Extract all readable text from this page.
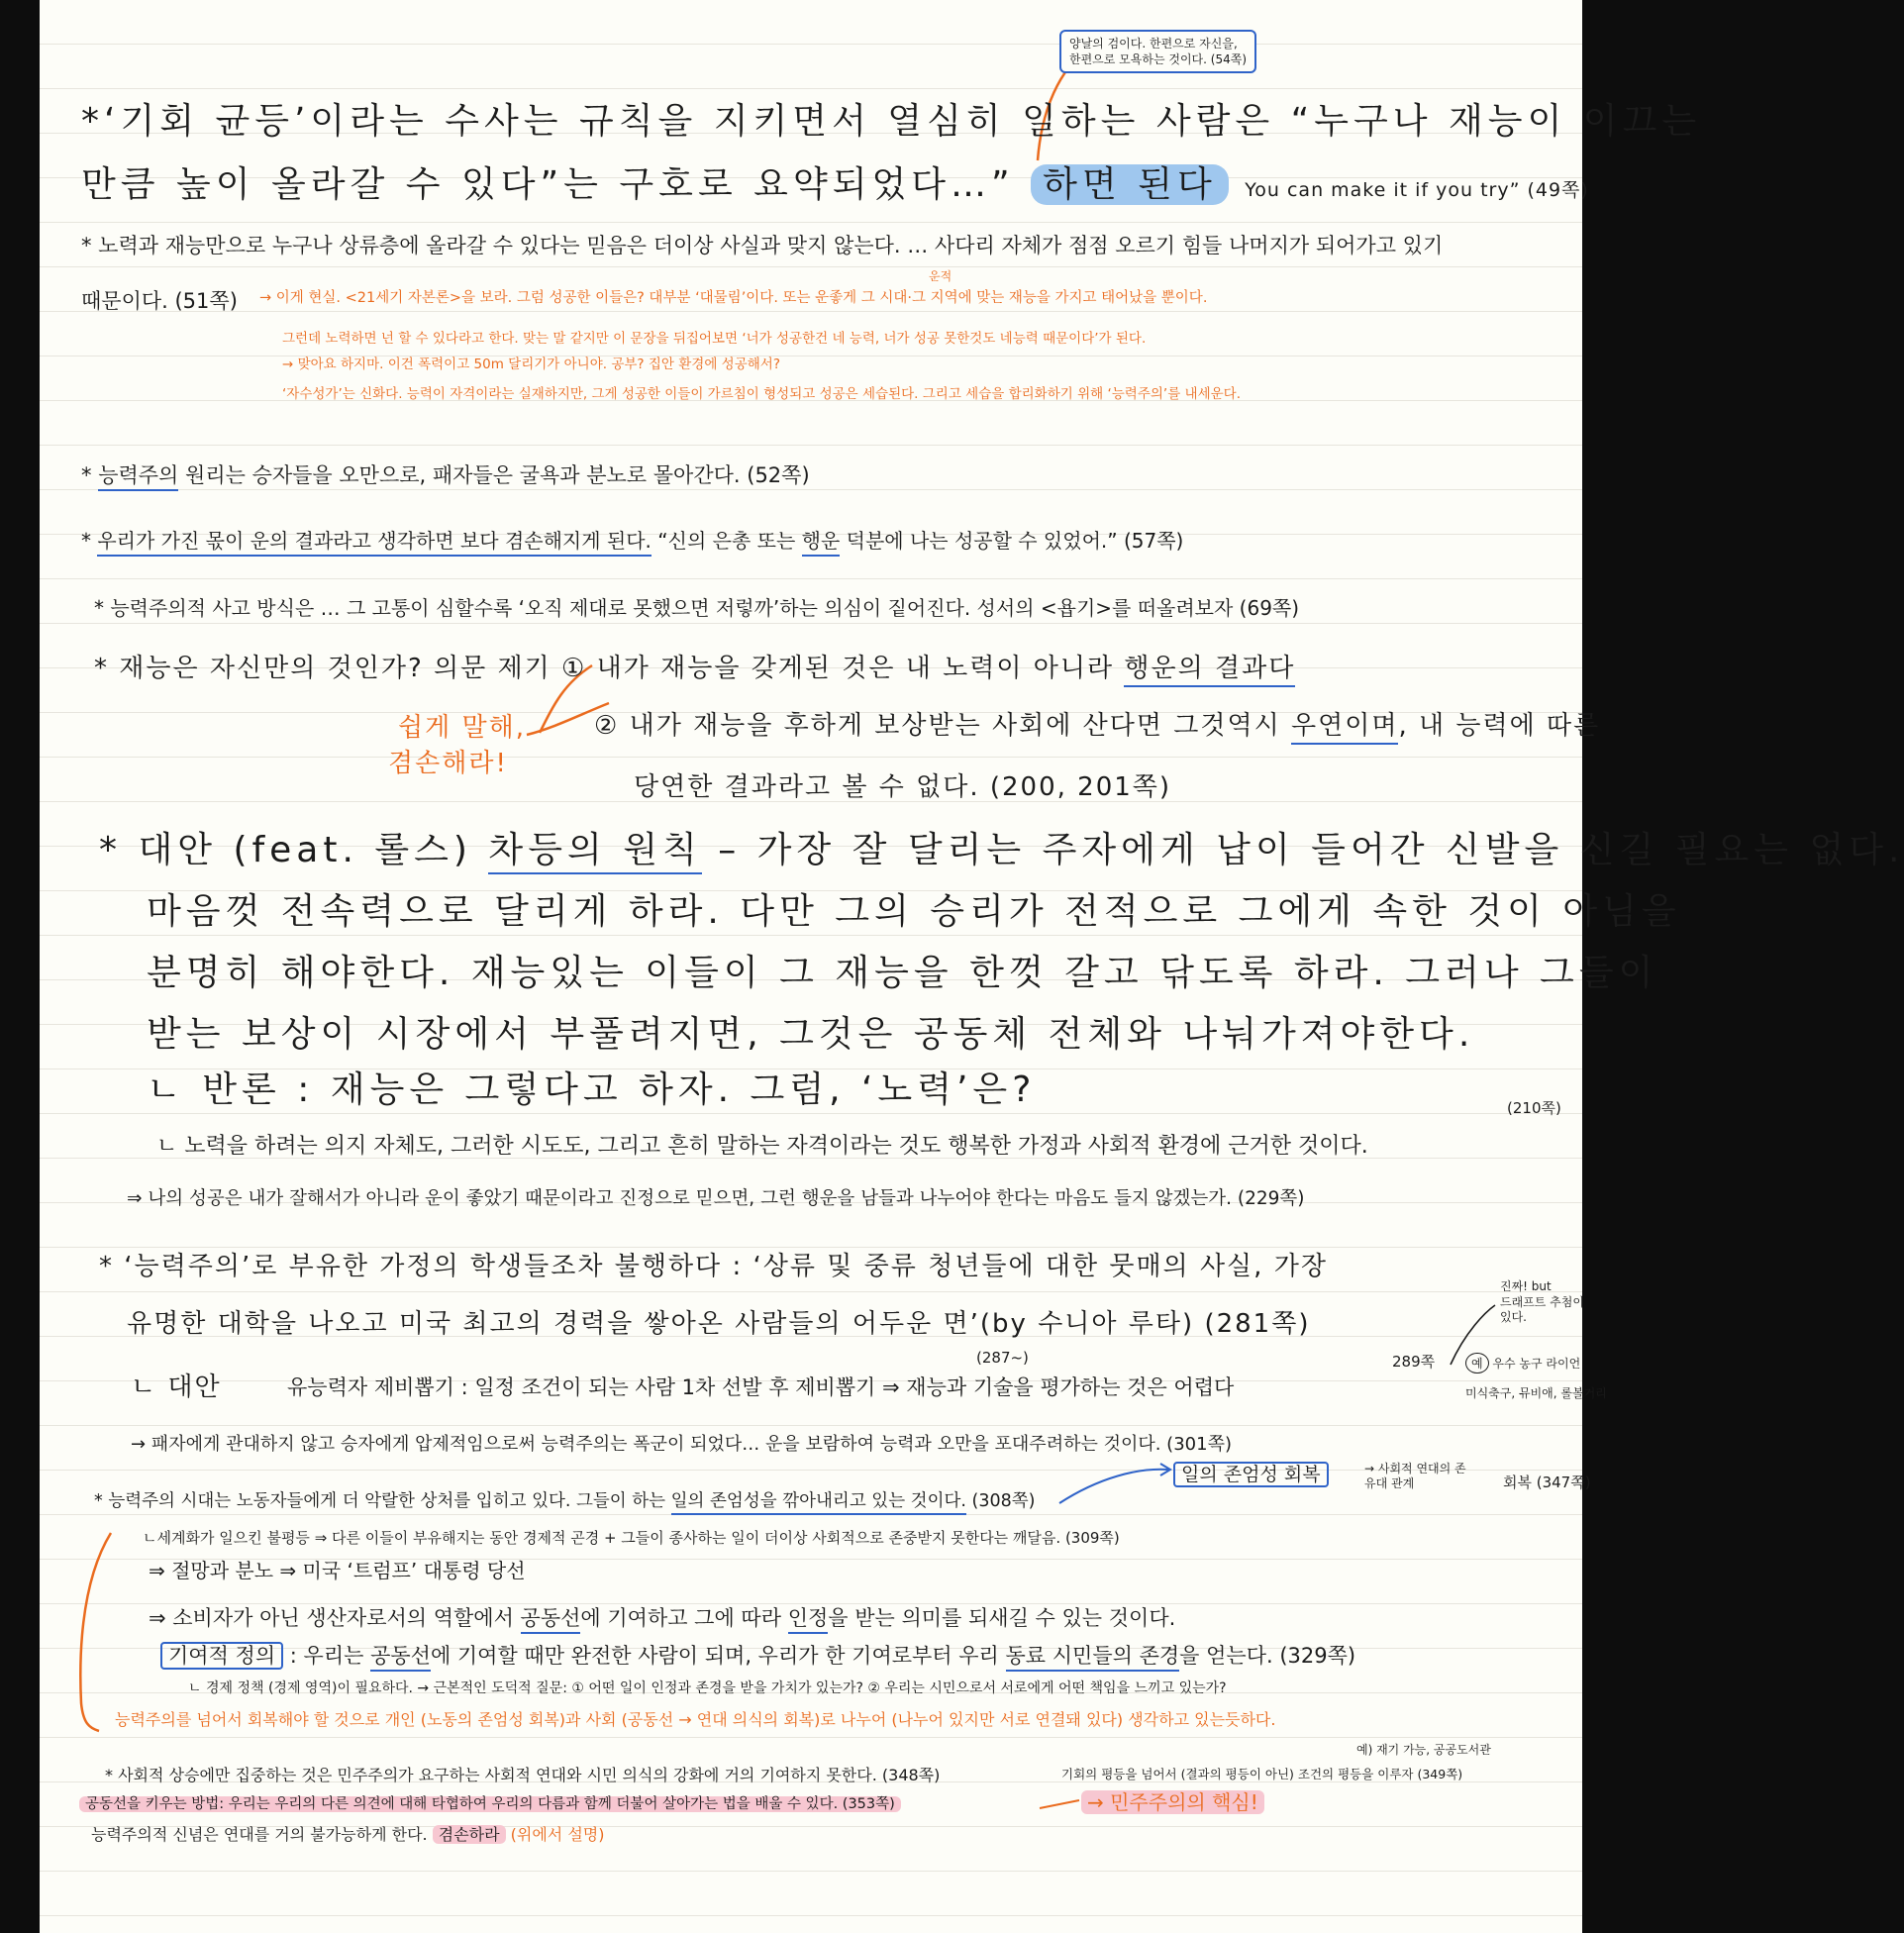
양날의 검이다. 한편으로 자신을,
한편으로 모욕하는 것이다. (54쪽)
*‘기회 균등’이라는 수사는 규칙을 지키면서 열심히 일하는 사람은 “누구나 재능이 이끄는
만큼 높이 올라갈 수 있다”는 구호로 요약되었다…” 하면 된다 You can make it if you try” (49쪽)
* 노력과 재능만으로 누구나 상류층에 올라갈 수 있다는 믿음은 더이상 사실과 맞지 않는다. … 사다리 자체가 점점 오르기 힘들 나머지가 되어가고 있기
때문이다. (51쪽)
운적
→ 이게 현실. <21세기 자본론>을 보라. 그럼 성공한 이들은? 대부분 ‘대물림’이다. 또는 운좋게 그 시대·그 지역에 맞는 재능을 가지고 태어났을 뿐이다.
그런데 노력하면 넌 할 수 있다라고 한다. 맞는 말 같지만 이 문장을 뒤집어보면 ‘너가 성공한건 네 능력, 너가 성공 못한것도 네능력 때문이다’가 된다.
→ 맞아요 하지마. 이건 폭력이고 50m 달리기가 아니야. 공부? 집안 환경에 성공해서?
‘자수성가’는 신화다. 능력이 자격이라는 실재하지만, 그게 성공한 이들이 가르침이 형성되고 성공은 세습된다. 그리고 세습을 합리화하기 위해 ‘능력주의’를 내세운다.
* 능력주의 원리는 승자들을 오만으로, 패자들은 굴욕과 분노로 몰아간다. (52쪽)
* 우리가 가진 몫이 운의 결과라고 생각하면 보다 겸손해지게 된다. “신의 은총 또는 행운 덕분에 나는 성공할 수 있었어.” (57쪽)
* 능력주의적 사고 방식은 … 그 고통이 심할수록 ‘오직 제대로 못했으면 저렇까’하는 의심이 짙어진다. 성서의 <욥기>를 떠올려보자 (69쪽)
* 재능은 자신만의 것인가? 의문 제기 ① 내가 재능을 갖게된 것은 내 노력이 아니라 행운의 결과다
쉽게 말해,
겸손해라!
② 내가 재능을 후하게 보상받는 사회에 산다면 그것역시 우연이며, 내 능력에 따른
당연한 결과라고 볼 수 없다. (200, 201쪽)
* 대안 (feat. 롤스) 차등의 원칙 – 가장 잘 달리는 주자에게 납이 들어간 신발을 신길 필요는 없다.
마음껏 전속력으로 달리게 하라. 다만 그의 승리가 전적으로 그에게 속한 것이 아님을
분명히 해야한다. 재능있는 이들이 그 재능을 한껏 갈고 닦도록 하라. 그러나 그들이
받는 보상이 시장에서 부풀려지면, 그것은 공동체 전체와 나눠가져야한다.
ㄴ 반론 : 재능은 그렇다고 하자. 그럼, ‘노력’은?	(210쪽)
ㄴ 노력을 하려는 의지 자체도, 그러한 시도도, 그리고 흔히 말하는 자격이라는 것도 행복한 가정과 사회적 환경에 근거한 것이다.
⇒ 나의 성공은 내가 잘해서가 아니라 운이 좋았기 때문이라고 진정으로 믿으면, 그런 행운을 남들과 나누어야 한다는 마음도 들지 않겠는가. (229쪽)
* ‘능력주의’로 부유한 가정의 학생들조차 불행하다 : ‘상류 및 중류 청년들에 대한 뭇매의 사실, 가장
유명한 대학을 나오고 미국 최고의 경력을 쌓아온 사람들의 어두운 면’(by 수니아 루타) (281쪽)
(287~)	289쪽
ㄴ 대안	유능력자 제비뽑기 : 일정 조건이 되는 사람 1차 선발 후 제비뽑기 ⇒ 재능과 기술을 평가하는 것은 어렵다
진짜! but
드래프트 추첨이
있다.
예 우수 농구 라이언
미식축구, 뮤비애, 롤볼거리
→ 패자에게 관대하지 않고 승자에게 압제적임으로써 능력주의는 폭군이 되었다… 운을 보람하여 능력과 오만을 포대주려하는 것이다. (301쪽)
* 능력주의 시대는 노동자들에게 더 악랄한 상처를 입히고 있다. 그들이 하는 일의 존엄성을 깎아내리고 있는 것이다. (308쪽)
일의 존엄성 회복	→ 사회적 연대의 존
유대 관계	회복 (347쪽)
ㄴ세계화가 일으킨 불평등 ⇒ 다른 이들이 부유해지는 동안 경제적 곤경 + 그들이 종사하는 일이 더이상 사회적으로 존중받지 못한다는 깨달음. (309쪽)
⇒ 절망과 분노 ⇒ 미국 ‘트럼프’ 대통령 당선
⇒ 소비자가 아닌 생산자로서의 역할에서 공동선에 기여하고 그에 따라 인정을 받는 의미를 되새길 수 있는 것이다.
기여적 정의 : 우리는 공동선에 기여할 때만 완전한 사람이 되며, 우리가 한 기여로부터 우리 동료 시민들의 존경을 얻는다. (329쪽)
ㄴ 경제 정책 (경제 영역)이 필요하다. → 근본적인 도덕적 질문: ① 어떤 일이 인정과 존경을 받을 가치가 있는가? ② 우리는 시민으로서 서로에게 어떤 책임을 느끼고 있는가?
능력주의를 넘어서 회복해야 할 것으로 개인 (노동의 존엄성 회복)과 사회 (공동선 → 연대 의식의 회복)로 나누어 (나누어 있지만 서로 연결돼 있다) 생각하고 있는듯하다.
예) 재기 가능, 공공도서관
* 사회적 상승에만 집중하는 것은 민주주의가 요구하는 사회적 연대와 시민 의식의 강화에 거의 기여하지 못한다. (348쪽)	기회의 평등을 넘어서 (결과의 평등이 아닌) 조건의 평등을 이루자 (349쪽)
공동선을 키우는 방법: 우리는 우리의 다른 의견에 대해 타협하여 우리의 다름과 함께 더불어 살아가는 법을 배울 수 있다. (353쪽)	→ 민주주의의 핵심!
능력주의적 신념은 연대를 거의 불가능하게 한다. 겸손하라 (위에서 설명)
